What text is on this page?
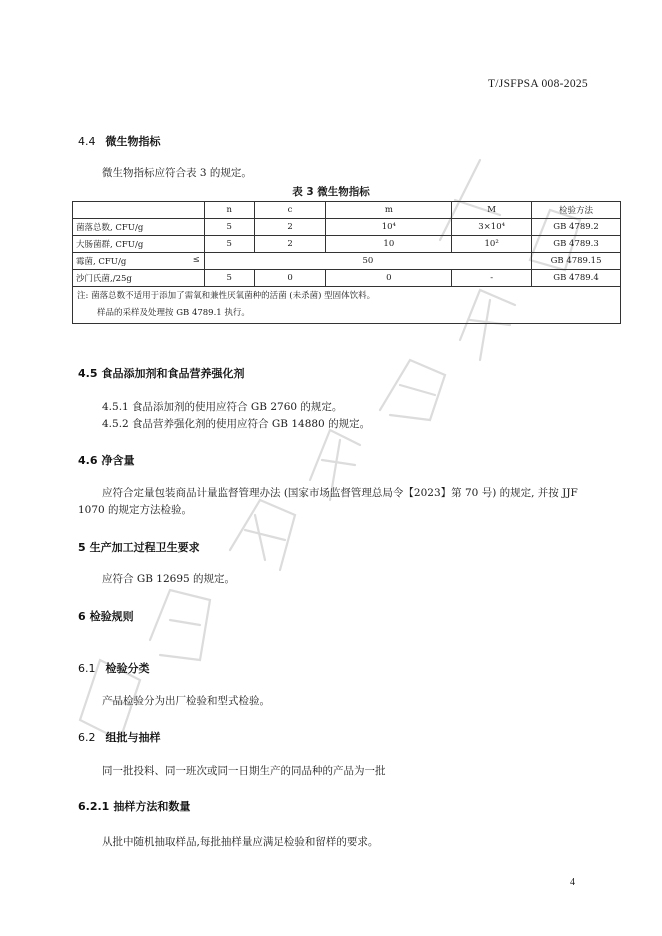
T/JSFPSA 008-2025
4.4 微生物指标
微生物指标应符合表 3 的规定。
表 3 微生物指标
	n	c	m	M	检验方法
菌落总数, CFU/g	5	2	10⁴	3×10⁴	GB 4789.2
大肠菌群, CFU/g	5	2	10	10²	GB 4789.3
霉菌, CFU/g ≤	50				GB 4789.15
沙门氏菌,/25g	5	0	0	-	GB 4789.4

注: 菌落总数不适用于添加了需氧和兼性厌氧菌种的活菌 (未杀菌) 型固体饮料。
样品的采样及处理按 GB 4789.1 执行。					
4.5 食品添加剂和食品营养强化剂
4.5.1 食品添加剂的使用应符合 GB 2760 的规定。
4.5.2 食品营养强化剂的使用应符合 GB 14880 的规定。
4.6 净含量
应符合定量包装商品计量监督管理办法 (国家市场监督管理总局令【2023】第 70 号) 的规定, 并按 JJF 1070 的规定方法检验。
5 生产加工过程卫生要求
应符合 GB 12695 的规定。
6 检验规则
6.1 检验分类
产品检验分为出厂检验和型式检验。
6.2 组批与抽样
同一批投料、同一班次或同一日期生产的同品种的产品为一批
6.2.1 抽样方法和数量
从批中随机抽取样品,每批抽样量应满足检验和留样的要求。
4
